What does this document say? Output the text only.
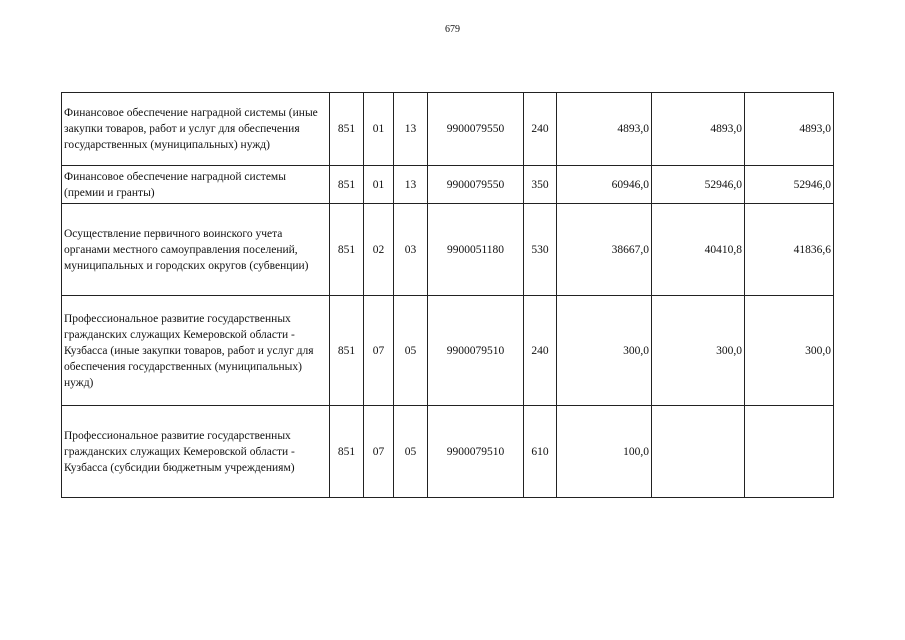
679
Финансовое обеспечение наградной системы (иные закупки товаров, работ и услуг для обеспечения государственных (муниципальных) нужд)	851	01	13	9900079550	240	4893,0	4893,0	4893,0
Финансовое обеспечение наградной системы (премии и гранты)	851	01	13	9900079550	350	60946,0	52946,0	52946,0
Осуществление первичного воинского учета органами местного самоуправления поселений, муниципальных и городских округов (субвенции)	851	02	03	9900051180	530	38667,0	40410,8	41836,6
Профессиональное развитие государственных гражданских служащих Кемеровской области - Кузбасса (иные закупки товаров, работ и услуг для обеспечения государственных (муниципальных) нужд)	851	07	05	9900079510	240	300,0	300,0	300,0
Профессиональное развитие государственных гражданских служащих Кемеровской области - Кузбасса (субсидии бюджетным учреждениям)	851	07	05	9900079510	610	100,0		
